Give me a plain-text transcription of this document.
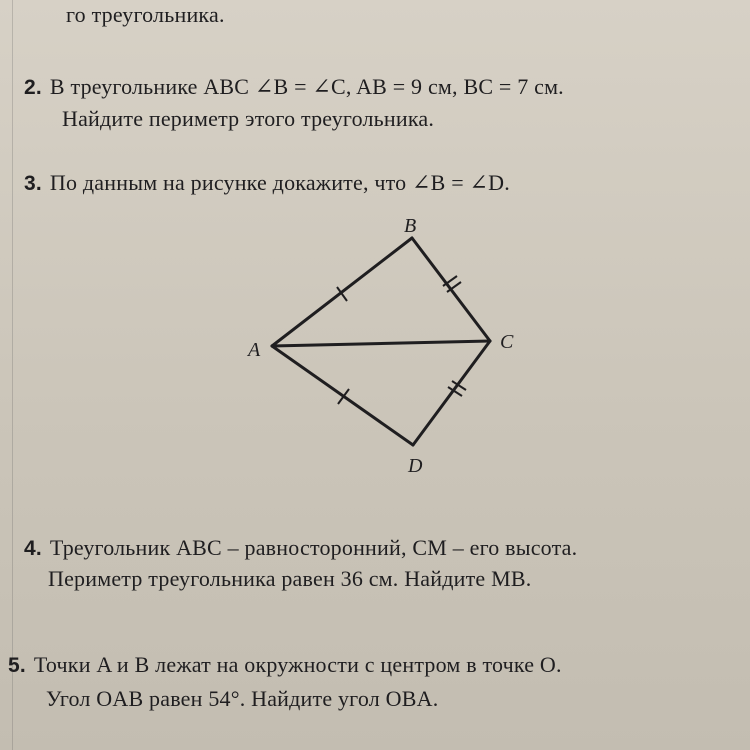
го треугольника.
2. В треугольнике ABC ∠B = ∠C, AB = 9 см, BC = 7 см.
Найдите периметр этого треугольника.
3. По данным на рисунке докажите, что ∠B = ∠D.
B
A	C
D
4. Треугольник ABC – равносторонний, CM – его высота.
Периметр треугольника равен 36 см. Найдите MB.
5. Точки A и B лежат на окружности с центром в точке O.
Угол OAB равен 54°. Найдите угол OBA.
